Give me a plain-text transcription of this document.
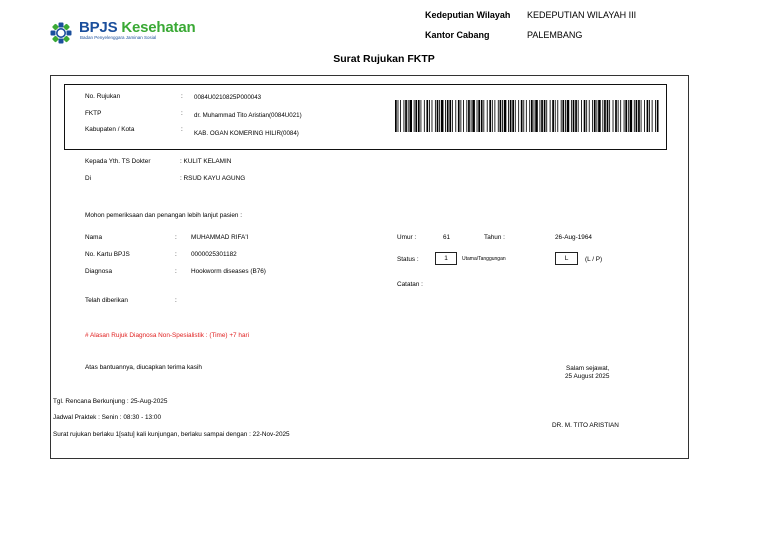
BPJS Kesehatan
Badan Penyelenggara Jaminan Sosial
Kedeputian Wilayah KEDEPUTIAN WILAYAH III
Kantor Cabang	PALEMBANG
Surat Rujukan FKTP
No. Rujukan	: 0084U0210825P000043
FKTP	: dr. Muhammad Tito Aristian(0084U021)
Kabupaten / Kota	:
KAB. OGAN KOMERING HILIR(0084)
Kepada Yth. TS Dokter	: KULIT KELAMIN
Di	: RSUD KAYU AGUNG
Mohon pemeriksaan dan penangan lebih lanjut pasien :
Nama	: MUHAMMAD RIFA'I
No. Kartu BPJS	: 0000025301182
Diagnosa	: Hookworm diseases (B76)
Telah diberikan	:
Umur :	61	Tahun :	26-Aug-1964
Status :	1	Utama/Tanggungan	L	(L / P)
Catatan :
# Alasan Rujuk Diagnosa Non-Spesialistik : (Time) +7 hari
Atas bantuannya, diucapkan terima kasih	Salam sejawat,
25 August 2025
Tgl. Rencana Berkunjung : 25-Aug-2025
Jadwal Praktek : Senin : 08:30 - 13:00
DR. M. TITO ARISTIAN
Surat rujukan berlaku 1[satu] kali kunjungan, berlaku sampai dengan : 22-Nov-2025
